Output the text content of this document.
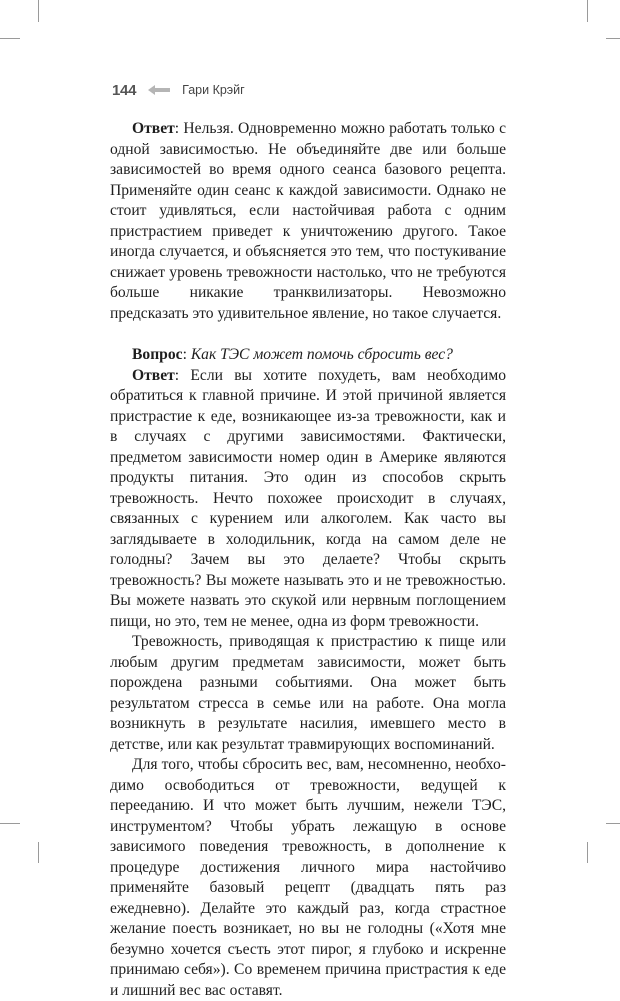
144	Гари Крэйг

Ответ: Нельзя. Одновременно можно работать только с одной зависимостью. Не объединяйте две или больше зависимостей во время одного сеанса базового рецепта. Применяйте один сеанс к каждой зависимости. Однако не стоит удивляться, если настойчивая работа с одним пристрастием приведет к уничтожению другого. Такое иногда случается, и объясняется это тем, что постукивание снижает уровень тревожности настолько, что не требуются больше никакие транквилизаторы. Невозможно предсказать это удивительное явление, но такое случается.

Вопрос: Как ТЭС может помочь сбросить вес?

Ответ: Если вы хотите похудеть, вам необходимо обратиться к главной причине. И этой причиной является пристрастие к еде, возникающее из-за тревожности, как и в случаях с другими зависимостями. Фактически, предметом зависимости номер один в Америке являются продукты питания. Это один из способов скрыть тревожность. Нечто похожее происходит в случаях, связанных с курением или алкоголем. Как часто вы заглядываете в холодильник, когда на самом деле не голодны? Зачем вы это делаете? Чтобы скрыть тревожность? Вы можете называть это и не тревожностью. Вы можете назвать это скукой или нервным поглощением пищи, но это, тем не менее, одна из форм тревожности.

Тревожность, приводящая к пристрастию к пище или любым другим предметам зависимости, может быть порождена разными событиями. Она может быть результатом стресса в семье или на работе. Она могла возникнуть в результате насилия, имевшего место в детстве, или как результат травмирующих воспоминаний.

Для того, чтобы сбросить вес, вам, несомненно, необходимо освободиться от тревожности, ведущей к перееданию. И что может быть лучшим, нежели ТЭС, инструментом? Чтобы убрать лежащую в основе зависимого поведения тревожность, в дополнение к процедуре достижения личного мира настойчиво применяйте базовый рецепт (двадцать пять раз ежедневно). Делайте это каждый раз, когда страстное желание поесть возникает, но вы не голодны («Хотя мне безумно хочется съесть этот пирог, я глубоко и искренне принимаю себя»). Со временем причина пристрастия к еде и лишний вес вас оставят.
